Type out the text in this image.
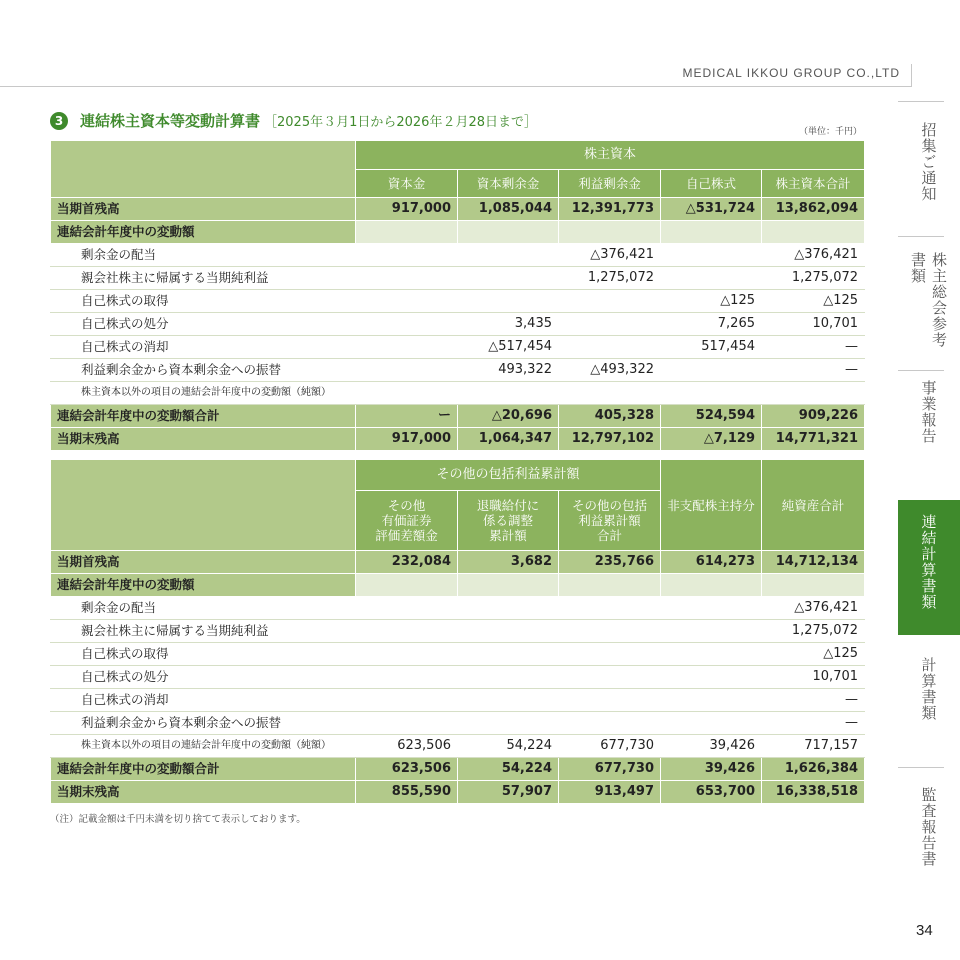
MEDICAL IKKOU GROUP CO.,LTD
3 連結株主資本等変動計算書 ［2025年３月1日から2026年２月28日まで］
（単位：千円）
	株主資本				
	資本金	資本剰余金	利益剰余金	自己株式	株主資本合計
当期首残高	917,000	1,085,044	12,391,773	△531,724	13,862,094
連結会計年度中の変動額					
剰余金の配当			△376,421		△376,421
親会社株主に帰属する当期純利益			1,275,072		1,275,072
自己株式の取得				△125	△125
自己株式の処分		3,435		7,265	10,701
自己株式の消却		△517,454		517,454	—
利益剰余金から資本剰余金への振替		493,322	△493,322		—
株主資本以外の項目の連結会計年度中の変動額（純額）					
連結会計年度中の変動額合計	ー	△20,696	405,328	524,594	909,226
当期末残高	917,000	1,064,347	12,797,102	△7,129	14,771,321
	その他の包括利益累計額			非支配株主持分	純資産合計
	その他
有価証券
評価差額金	退職給付に
係る調整
累計額	その他の包括
利益累計額
合計		
当期首残高	232,084	3,682	235,766	614,273	14,712,134
連結会計年度中の変動額					
剰余金の配当					△376,421
親会社株主に帰属する当期純利益					1,275,072
自己株式の取得					△125
自己株式の処分					10,701
自己株式の消却					—
利益剰余金から資本剰余金への振替					—
株主資本以外の項目の連結会計年度中の変動額（純額）	623,506	54,224	677,730	39,426	717,157
連結会計年度中の変動額合計	623,506	54,224	677,730	39,426	1,626,384
当期末残高	855,590	57,907	913,497	653,700	16,338,518
（注）記載金額は千円未満を切り捨てて表示しております。
招集ご通知
株主総会参考書類
事業報告
連結計算書類
計算書類
監査報告書
34
